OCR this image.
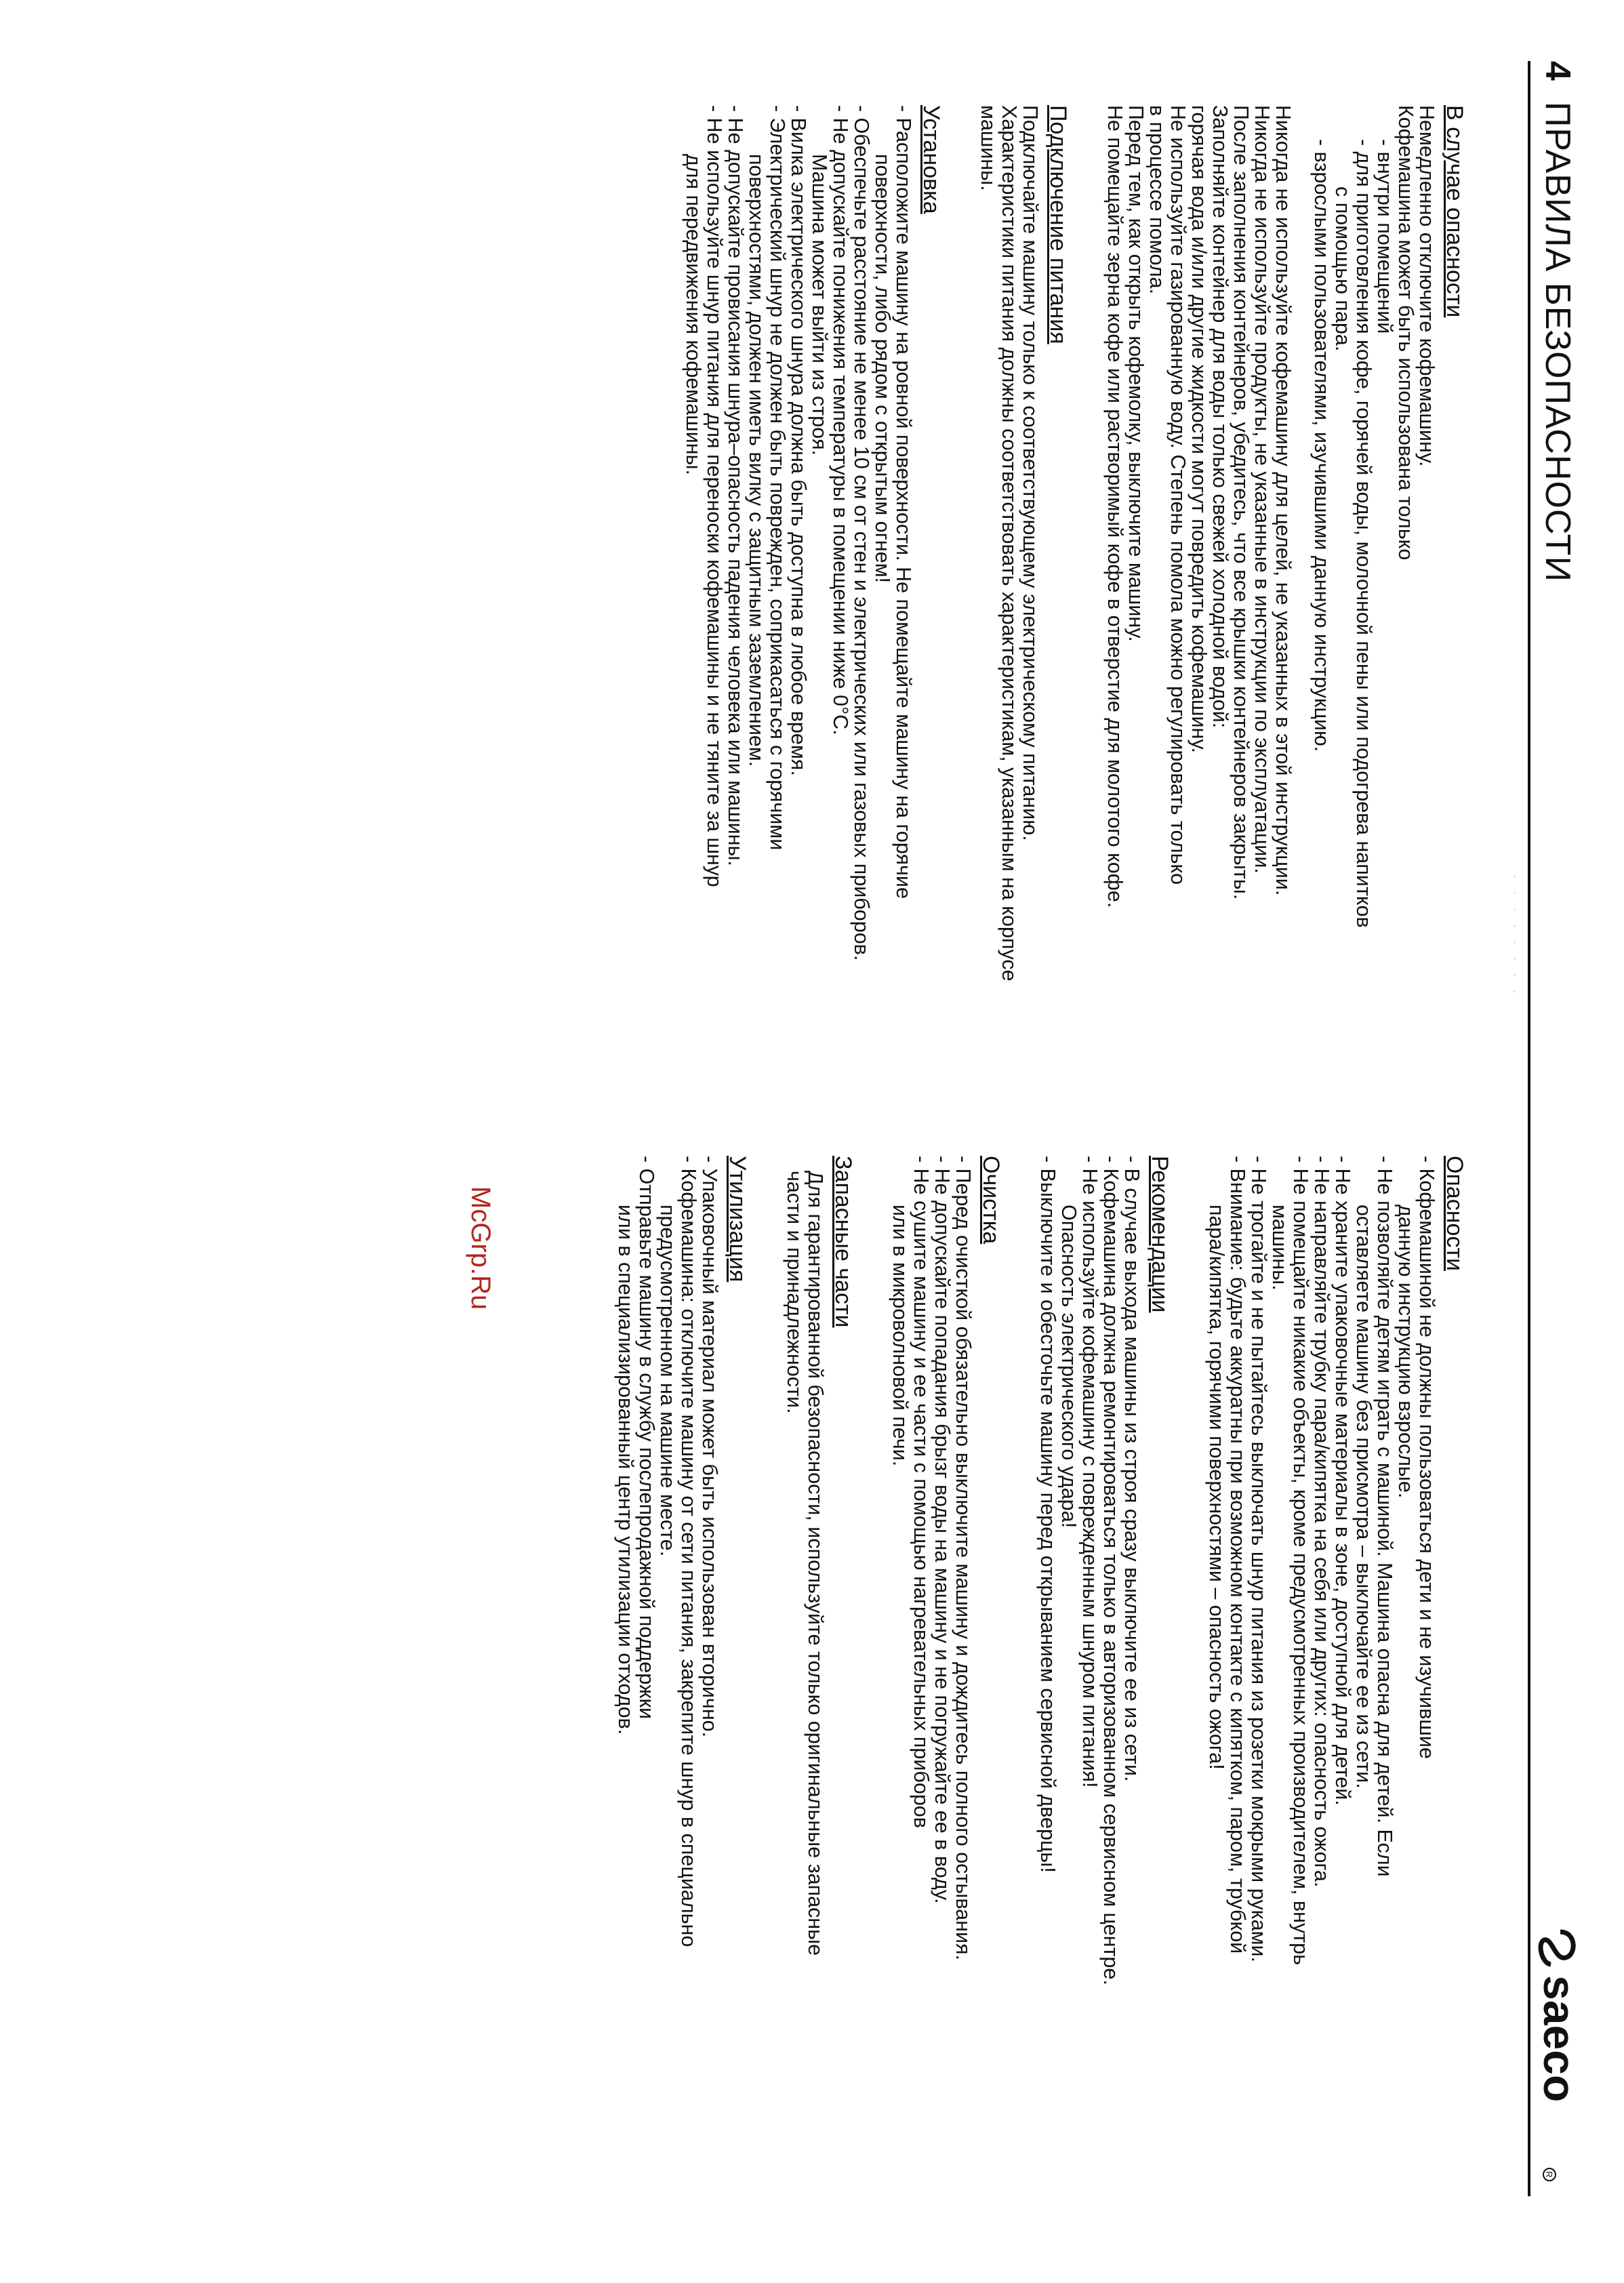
4
ПРАВИЛА БЕЗОПАСНОСТИ
saeco
R
· · · · · · · ·
В случае опасности

Немедленно отключите кофемашину.

Кофемашина может быть использована только

- внутри помещений

- для приготовления кофе, горячей воды, молочной пены или подогрева напитков

с помощью пара.

- взрослыми пользователями, изучившими данную инструкцию.

Никогда не используйте кофемашину для целей, не указанных в этой инструкции.

Никогда не используйте продукты, не указанные в инструкции по эксплуатации.

После заполнения контейнеров, убедитесь, что все крышки контейнеров закрыты.

Заполняйте контейнер для воды только свежей холодной водой:

горячая вода и/или другие жидкости могут повредить кофемашину.

Не используйте газированную воду. Степень помола можно регулировать только

в процессе помола.

Перед тем, как открыть кофемолку, выключите машину.

Не помещайте зерна кофе или растворимый кофе в отверстие для молотого кофе.

Подключение питания

Подключайте машину только к соответствующему электрическому питанию.

Характеристики питания должны соответствовать характеристикам, указанным на корпусе

машины.

Установка

- Расположите машину на ровной поверхности. Не помещайте машину на горячие

поверхности, либо рядом с открытым огнем!

- Обеспечьте расстояние не менее 10 см от стен и электрических или газовых приборов.

- Не допускайте понижения температуры в помещении ниже 0°C.

Машина может выйти из строя.

- Вилка электрического шнура должна быть доступна в любое время.

- Электрический шнур не должен быть поврежден, соприкасаться с горячими

поверхностями, должен иметь вилку с защитным заземлением.

- Не допускайте провисания шнура–опасность падения человека или машины.

- Не используйте шнур питания для переноски кофемашины и не тяните за шнур

для передвижения кофемашины.

Опасности

- Кофемашиной не должны пользоваться дети и не изучившие

данную инструкцию взрослые.

- Не позволяйте детям играть с машиной. Машина опасна для детей. Если

оставляете машину без присмотра – выключайте ее из сети.

- Не храните упаковочные материалы в зоне, доступной для детей.

- Не направляйте трубку пара/кипятка на себя или других: опасность ожога.

- Не помещайте никакие объекты, кроме предусмотренных производителем, внутрь

машины.

- Не трогайте и не пытайтесь выключать шнур питания из розетки мокрыми руками.

- Внимание: будьте аккуратны при возможном контакте с кипятком, паром, трубкой

пара/кипятка, горячими поверхностями – опасность ожога!

Рекомендации

- В случае выхода машины из строя сразу выключите ее из сети.

- Кофемашина должна ремонтироваться только в авторизованном сервисном центре.

- Не используйте кофемашину с поврежденным шнуром питания!

Опасность электрического удара!

- Выключите и обесточьте машину перед открыванием сервисной дверцы!

Очистка

- Перед очисткой обязательно выключите машину и дождитесь полного остывания.

- Не допускайте попадания брызг воды на машину и не погружайте ее в воду.

- Не сушите машину и ее части с помощью нагревательных приборов

или в микроволновой печи.

Запасные части

Для гарантированной безопасности, используйте только оригинальные запасные

части и принадлежности.

Утилизация

- Упаковочный материал может быть использован вторично.

- Кофемашина: отключите машину от сети питания, закрепите шнур в специально

предусмотренном на машине месте.

- Отправьте машину в службу послепродажной поддержки

или в специализированный центр утилизации отходов.

McGrp.Ru
